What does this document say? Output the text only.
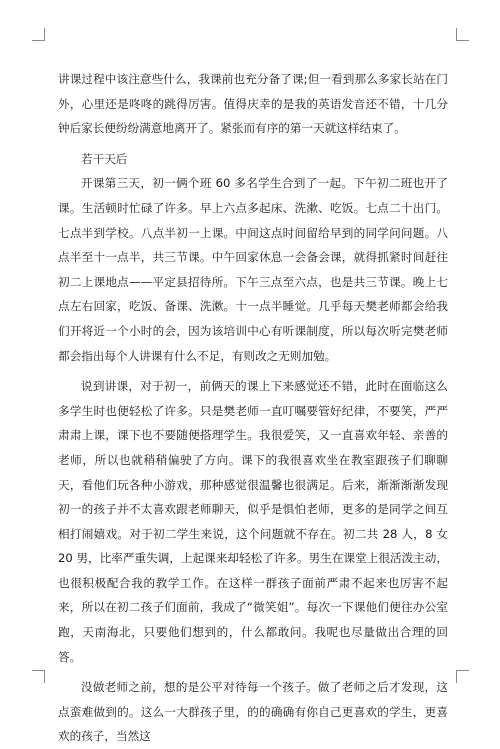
讲课过程中该注意些什么，我课前也充分备了课;但一看到那么多家长站在门外，心里还是咚咚的跳得厉害。值得庆幸的是我的英语发音还不错，十几分钟后家长便纷纷满意地离开了。紧张而有序的第一天就这样结束了。

若干天后

开课第三天，初一俩个班 60 多名学生合到了一起。下午初二班也开了课。生活顿时忙碌了许多。早上六点多起床、洗漱、吃饭。七点二十出门。七点半到学校。八点半初一上课。中间这点时间留给早到的同学问问题。八点半至十一点半，共三节课。中午回家休息一会备会课，就得抓紧时间赶往初二上课地点——平定县招待所。下午三点至六点，也是共三节课。晚上七点左右回家，吃饭、备课、洗漱。十一点半睡觉。几乎每天樊老师都会给我们开将近一个小时的会，因为该培训中心有听课制度，所以每次听完樊老师都会指出每个人讲课有什么不足，有则改之无则加勉。

说到讲课，对于初一，前俩天的课上下来感觉还不错，此时在面临这么多学生时也便轻松了许多。只是樊老师一直叮嘱要管好纪律，不要笑，严严肃肃上课，课下也不要随便搭理学生。我很爱笑，又一直喜欢年轻、亲善的老师，所以也就稍稍偏驶了方向。课下的我很喜欢坐在教室跟孩子们聊聊天，看他们玩各种小游戏，那种感觉很温馨也很满足。后来，渐渐渐渐发现初一的孩子并不太喜欢跟老师聊天，似乎是惧怕老师，更多的是同学之间互相打闹嬉戏。对于初二学生来说，这个问题就不存在。初二共 28 人，8 女 20 男，比率严重失调，上起课来却轻松了许多。男生在课堂上很活泼主动，也很积极配合我的教学工作。在这样一群孩子面前严肃不起来也厉害不起来，所以在初二孩子们面前，我成了“微笑姐”。每次一下课他们便往办公室跑，天南海北，只要他们想到的，什么都敢问。我呢也尽量做出合理的回答。

没做老师之前，想的是公平对待每一个孩子。做了老师之后才发现，这点蛮难做到的。这么一大群孩子里，的的确确有你自己更喜欢的学生，更喜欢的孩子，当然这
